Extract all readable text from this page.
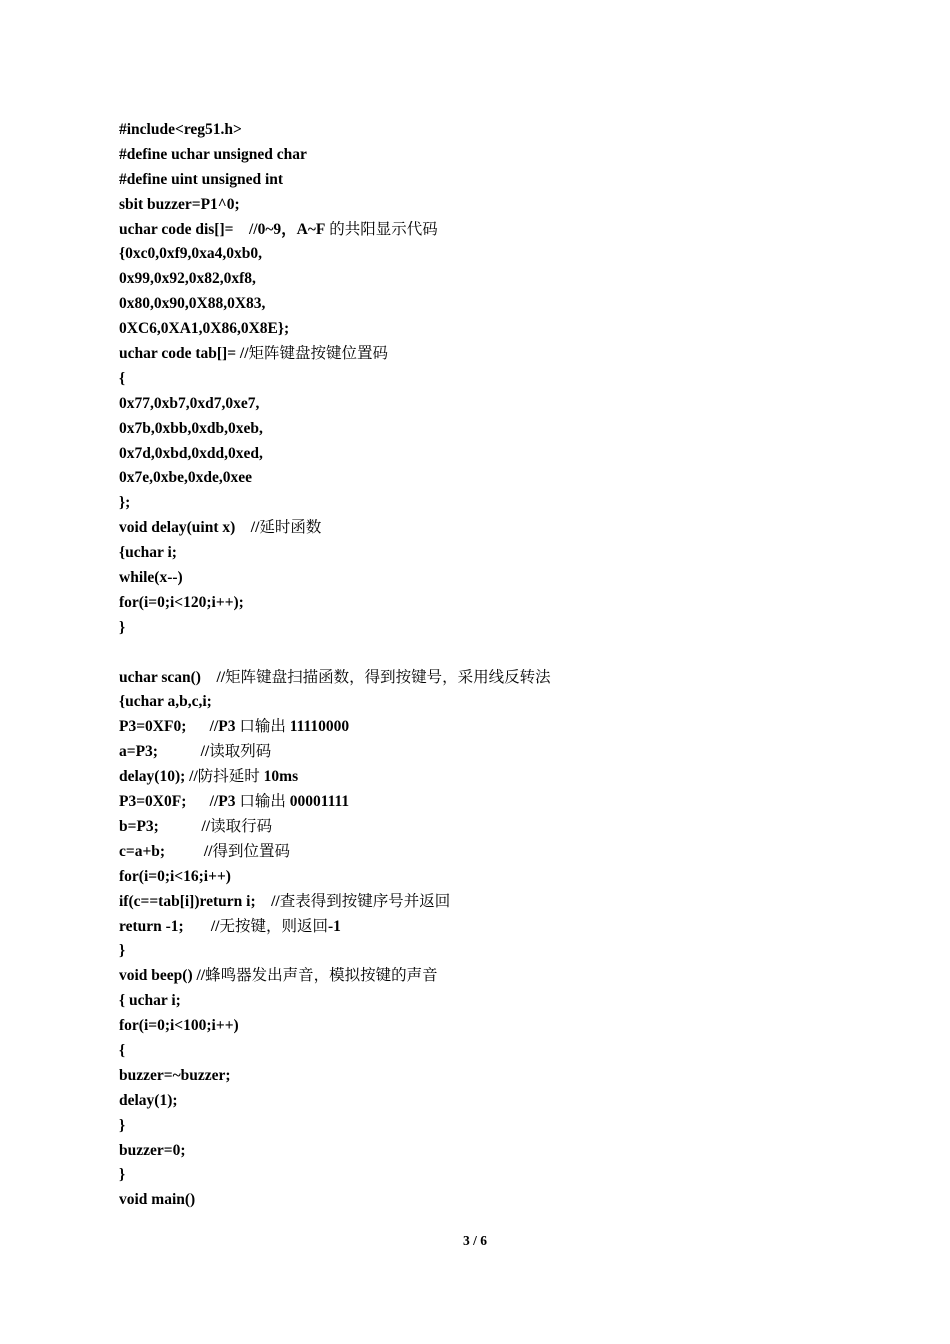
#include<reg51.h>
#define uchar unsigned char
#define uint unsigned int
sbit buzzer=P1^0;
uchar code dis[]=    //0~9，A~F 的共阳显示代码
{0xc0,0xf9,0xa4,0xb0,
0x99,0x92,0x82,0xf8,
0x80,0x90,0X88,0X83,
0XC6,0XA1,0X86,0X8E};
uchar code tab[]= //矩阵键盘按键位置码
{
0x77,0xb7,0xd7,0xe7,
0x7b,0xbb,0xdb,0xeb,
0x7d,0xbd,0xdd,0xed,
0x7e,0xbe,0xde,0xee
};
void delay(uint x)    //延时函数
{uchar i;
while(x--)
for(i=0;i<120;i++);
}
uchar scan()    //矩阵键盘扫描函数，得到按键号，采用线反转法
{uchar a,b,c,i;
P3=0XF0;      //P3 口输出 11110000
a=P3;           //读取列码
delay(10); //防抖延时 10ms
P3=0X0F;      //P3 口输出 00001111
b=P3;           //读取行码
c=a+b;          //得到位置码
for(i=0;i<16;i++)
if(c==tab[i])return i;    //查表得到按键序号并返回
return -1;       //无按键，则返回-1
}
void beep() //蜂鸣器发出声音，模拟按键的声音
{ uchar i;
for(i=0;i<100;i++)
{
buzzer=~buzzer;
delay(1);
}
buzzer=0;
}
void main()
3 / 6
